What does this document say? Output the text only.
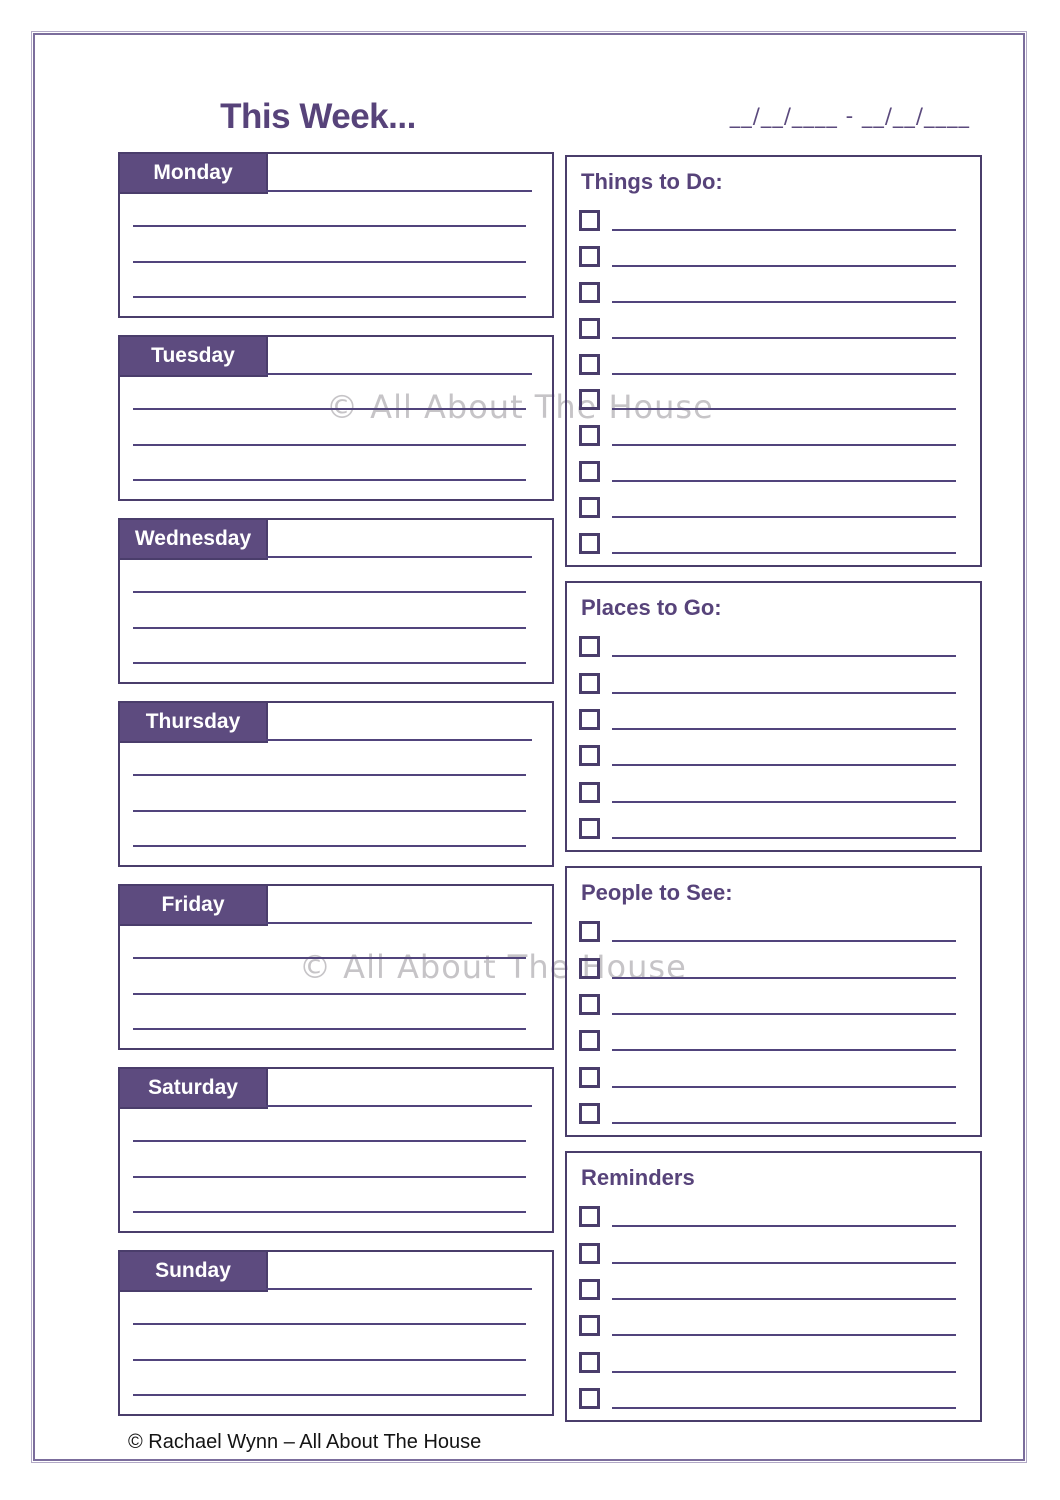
This Week...	__/__/____ - __/__/____
© All About The House
© All About The House
Monday
Tuesday
Wednesday
Thursday
Friday
Saturday
Sunday
Things to Do:
Places to Go:
People to See:
Reminders
© Rachael Wynn – All About The House
